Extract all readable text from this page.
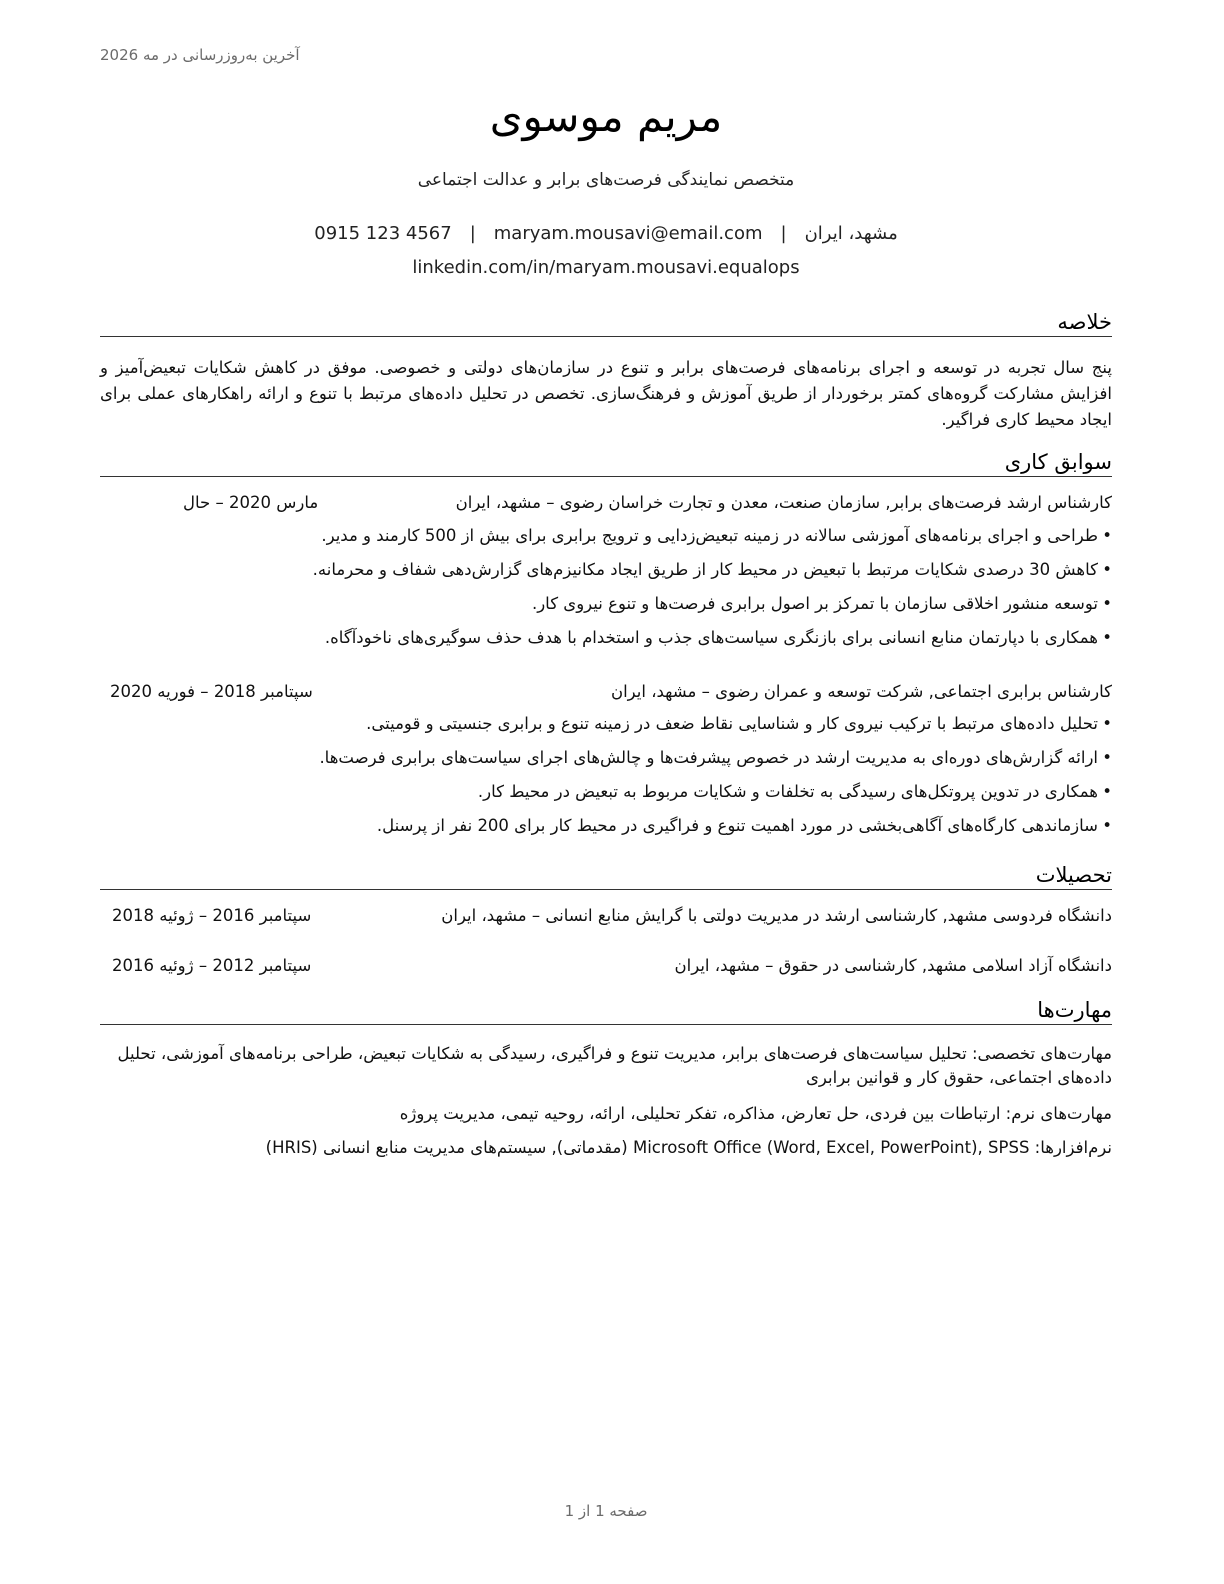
آخرین به‌روزرسانی در مه 2026
مریم موسوی
متخصص نمایندگی فرصت‌های برابر و عدالت اجتماعی
مشهد، ایران|maryam.mousavi@email.com|0915 123 4567
linkedin.com/in/maryam.mousavi.equalops
خلاصه
پنج سال تجربه در توسعه و اجرای برنامه‌های فرصت‌های برابر و تنوع در سازمان‌های دولتی و خصوصی. موفق در کاهش شکایات تبعیض‌آمیز و افزایش مشارکت گروه‌های کمتر برخوردار از طریق آموزش و فرهنگ‌سازی. تخصص در تحلیل داده‌های مرتبط با تنوع و ارائه راهکارهای عملی برای ایجاد محیط کاری فراگیر.
سوابق کاری
کارشناس ارشد فرصت‌های برابر, سازمان صنعت، معدن و تجارت خراسان رضوی – مشهد، ایران
مارس 2020 – حال
•طراحی و اجرای برنامه‌های آموزشی سالانه در زمینه تبعیض‌زدایی و ترویج برابری برای بیش از 500 کارمند و مدیر.
•کاهش 30 درصدی شکایات مرتبط با تبعیض در محیط کار از طریق ایجاد مکانیزم‌های گزارش‌دهی شفاف و محرمانه.
•توسعه منشور اخلاقی سازمان با تمرکز بر اصول برابری فرصت‌ها و تنوع نیروی کار.
•همکاری با دپارتمان منابع انسانی برای بازنگری سیاست‌های جذب و استخدام با هدف حذف سوگیری‌های ناخودآگاه.
کارشناس برابری اجتماعی, شرکت توسعه و عمران رضوی – مشهد، ایران
سپتامبر 2018 – فوریه 2020
•تحلیل داده‌های مرتبط با ترکیب نیروی کار و شناسایی نقاط ضعف در زمینه تنوع و برابری جنسیتی و قومیتی.
•ارائه گزارش‌های دوره‌ای به مدیریت ارشد در خصوص پیشرفت‌ها و چالش‌های اجرای سیاست‌های برابری فرصت‌ها.
•همکاری در تدوین پروتکل‌های رسیدگی به تخلفات و شکایات مربوط به تبعیض در محیط کار.
•سازماندهی کارگاه‌های آگاهی‌بخشی در مورد اهمیت تنوع و فراگیری در محیط کار برای 200 نفر از پرسنل.
تحصیلات
دانشگاه فردوسی مشهد, کارشناسی ارشد در مدیریت دولتی با گرایش منابع انسانی – مشهد، ایران
سپتامبر 2016 – ژوئیه 2018
دانشگاه آزاد اسلامی مشهد, کارشناسی در حقوق – مشهد، ایران
سپتامبر 2012 – ژوئیه 2016
مهارت‌ها
مهارت‌های تخصصی: تحلیل سیاست‌های فرصت‌های برابر، مدیریت تنوع و فراگیری، رسیدگی به شکایات تبعیض، طراحی برنامه‌های آموزشی، تحلیل داده‌های اجتماعی، حقوق کار و قوانین برابری
مهارت‌های نرم: ارتباطات بین فردی، حل تعارض، مذاکره، تفکر تحلیلی، ارائه، روحیه تیمی، مدیریت پروژه
نرم‌افزارها: Microsoft Office (Word, Excel, PowerPoint), SPSS (مقدماتی), سیستم‌های مدیریت منابع انسانی (HRIS)
صفحه 1 از 1
